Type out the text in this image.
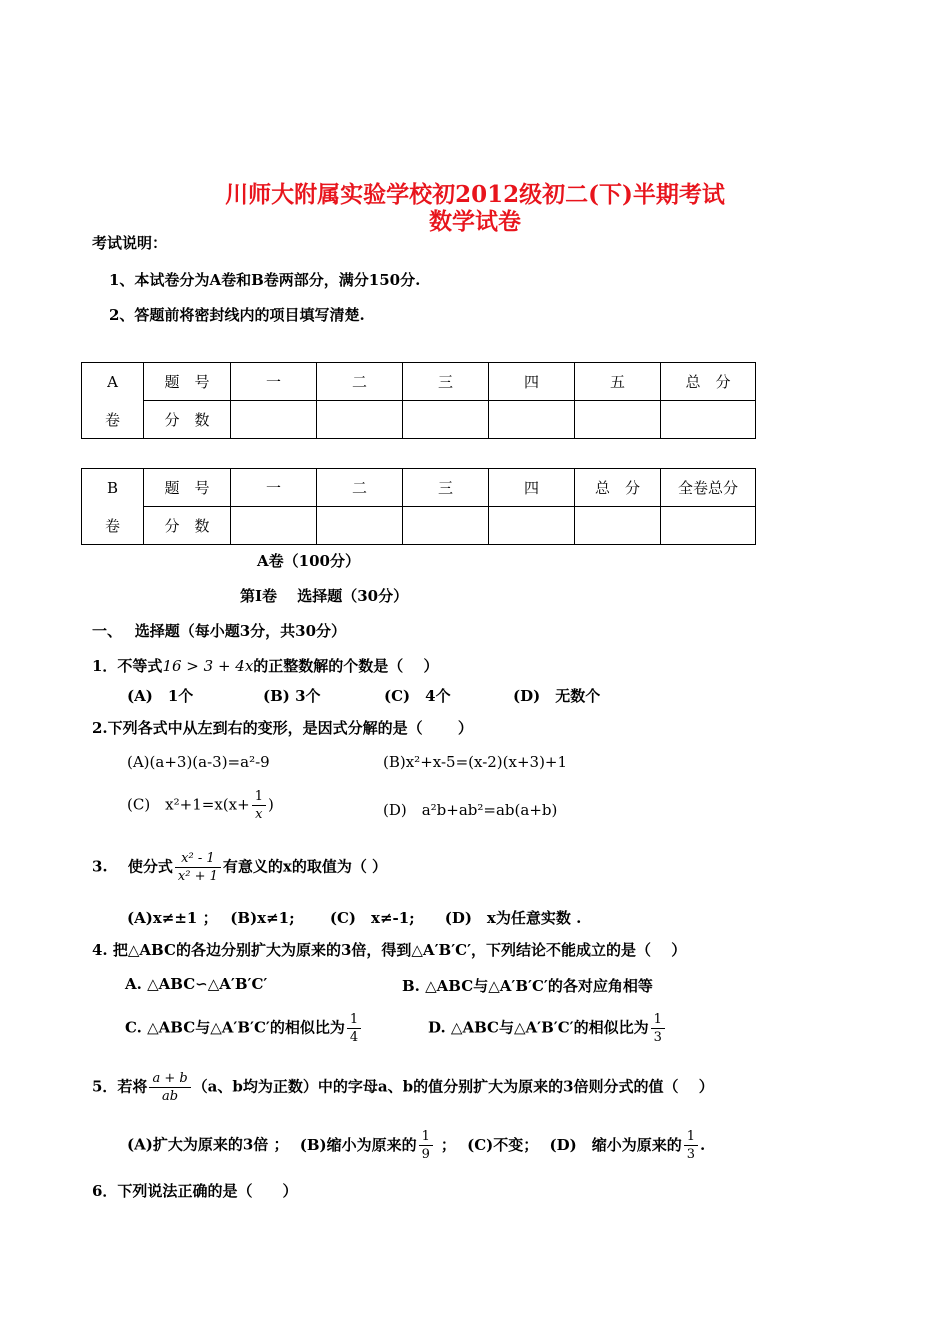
川师大附属实验学校初2012级初二(下)半期考试
数学试卷
考试说明：
1、本试卷分为A卷和B卷两部分，满分150分.
2、答题前将密封线内的项目填写清楚.
A	题　号	一	二	三	四	五	总　分
卷	分　数						
B	题　号	一	二	三	四	总　分	全卷总分
卷	分　数						
A卷（100分）
第Ⅰ卷　 选择题（30分）
一、　 选择题（每小题3分，共30分）
1．不等式16 > 3 + 4x的正整数解的个数是（　 ）
(A)　1个	(B) 3个	(C)　4个	(D)　无数个
2.下列各式中从左到右的变形，是因式分解的是（　　 ）
(A)(a+3)(a-3)=a²-9	(B)x²+x-5=(x-2)(x+3)+1
(C)　$x^2+1=x(x+ \frac{1}{x}$ )	(D)　a²b+ab²=ab(a+b)
3.　 使分式 $\frac{\text{x² - 1}}{\text{x² + 1}}$ 有意义的x的取值为（ ）
(A)x≠±1 ；　 (B)x≠1;　　 (C)　x≠-1;　　(D)　x为任意实数 .
4. 把△ABC的各边分别扩大为原来的3倍，得到△A′B′C′，下列结论不能成立的是（　 ）
A. △ABC∽△A′B′C′	B. △ABC与△A′B′C′的各对应角相等
C. △ABC与△A′B′C′的相似比为 $\frac{1}{4}$	D. △ABC与△A′B′C′的相似比为 $\frac{1}{3}$
5．若将 $\frac{a + b}{ab} (a$、b均为正数）中的字母a、b的值分别扩大为原来的3倍则分式的值（　 ）
(A)扩大为原来的3倍 ； (B)缩小为原来的 $\frac{1}{9}$ ； (C)不变； (D)　缩小为原来的 $\frac{1}{3}$ .
6．下列说法正确的是（　　）
